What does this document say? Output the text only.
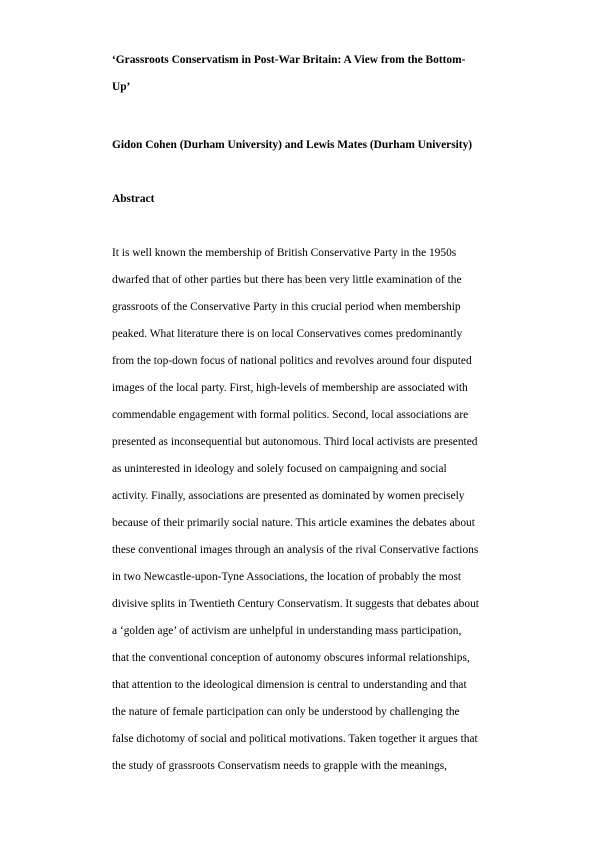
‘Grassroots Conservatism in Post-War Britain: A View from the Bottom-
Up’
Gidon Cohen (Durham University) and Lewis Mates (Durham University)
Abstract
It is well known the membership of British Conservative Party in the 1950s
dwarfed that of other parties but there has been very little examination of the
grassroots of the Conservative Party in this crucial period when membership
peaked. What literature there is on local Conservatives comes predominantly
from the top-down focus of national politics and revolves around four disputed
images of the local party. First, high-levels of membership are associated with
commendable engagement with formal politics. Second, local associations are
presented as inconsequential but autonomous. Third local activists are presented
as uninterested in ideology and solely focused on campaigning and social
activity. Finally, associations are presented as dominated by women precisely
because of their primarily social nature. This article examines the debates about
these conventional images through an analysis of the rival Conservative factions
in two Newcastle-upon-Tyne Associations, the location of probably the most
divisive splits in Twentieth Century Conservatism. It suggests that debates about
a ‘golden age’ of activism are unhelpful in understanding mass participation,
that the conventional conception of autonomy obscures informal relationships,
that attention to the ideological dimension is central to understanding and that
the nature of female participation can only be understood by challenging the
false dichotomy of social and political motivations. Taken together it argues that
the study of grassroots Conservatism needs to grapple with the meanings,
